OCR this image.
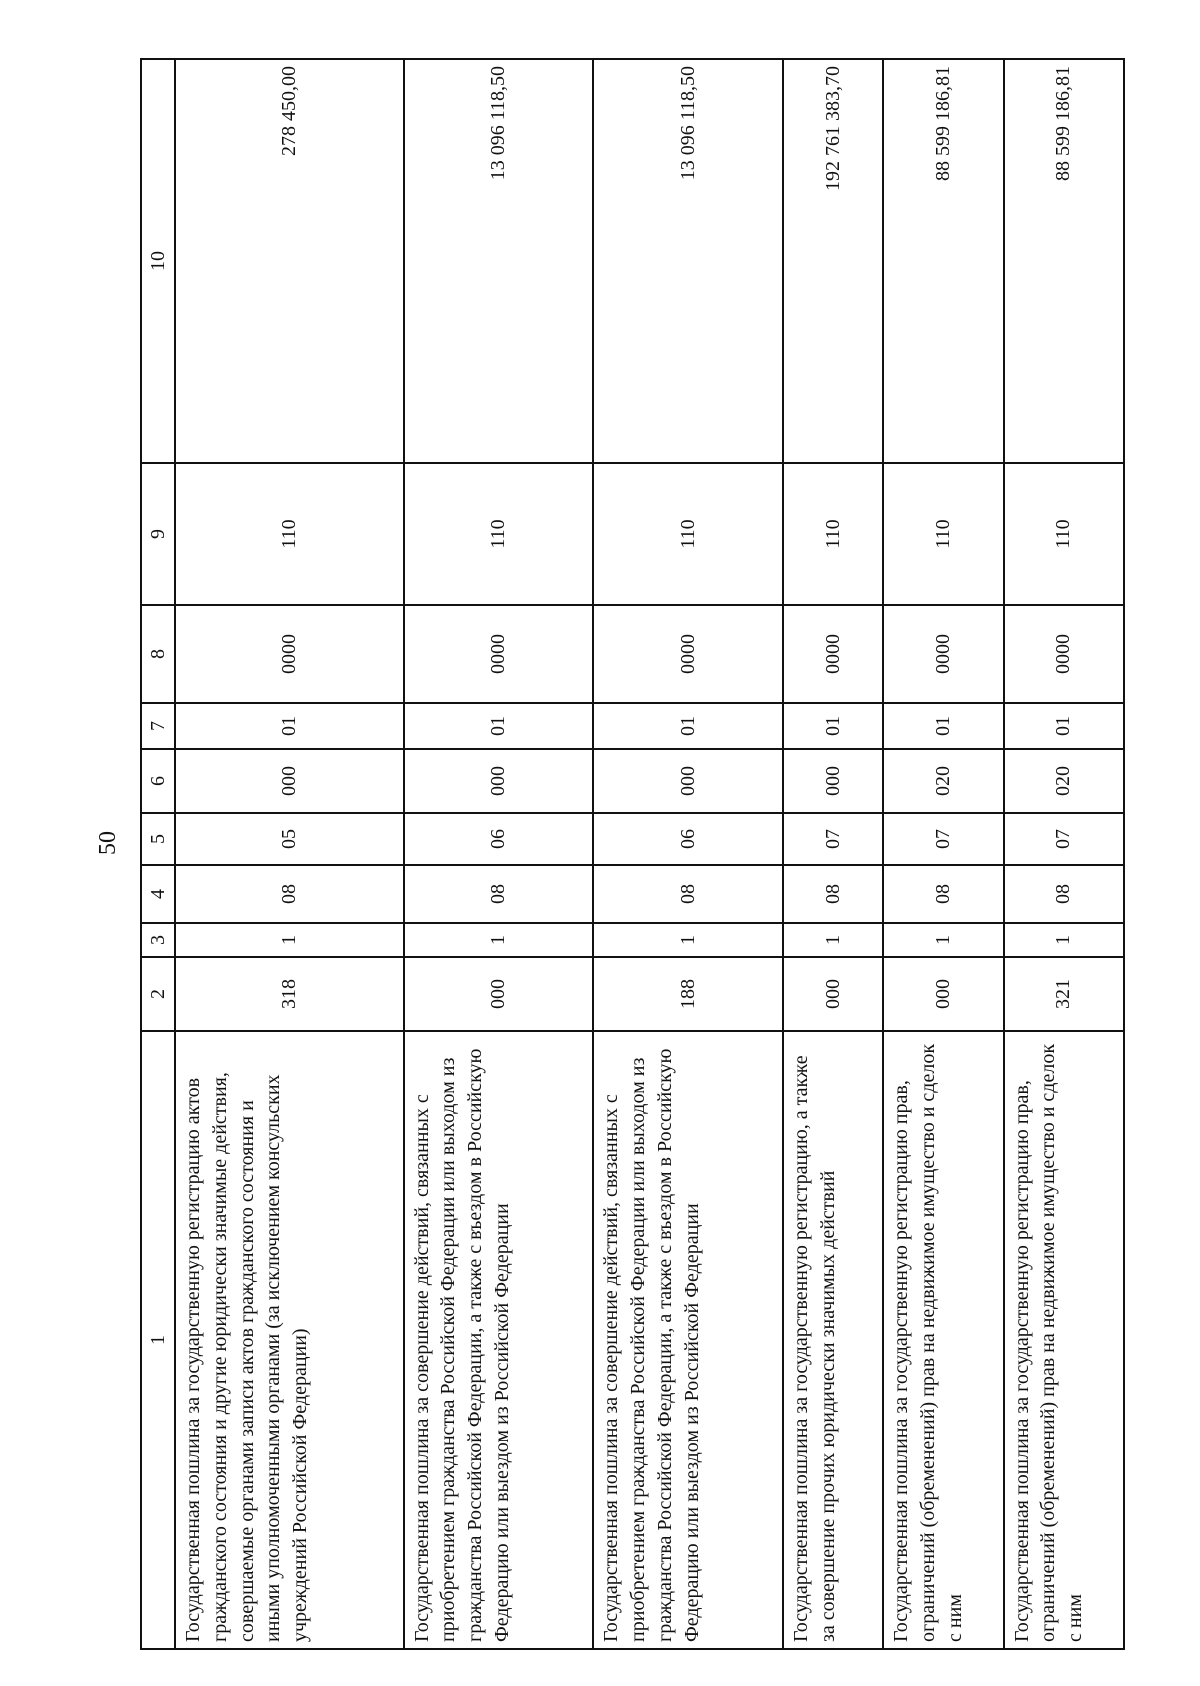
50
1	2	3	4	5	6	7	8	9	10
Государственная пошлина за государственную регистрацию актов гражданского состояния и другие юридически значимые действия, совершаемые органами записи актов гражданского состояния и иными уполномоченными органами (за исключением консульских учреждений Российской Федерации)	318	1	08	05	000	01	0000	110	278 450,00
Государственная пошлина за совершение действий, связанных с приобретением гражданства Российской Федерации или выходом из гражданства Российской Федерации, а также с въездом в Российскую Федерацию или выездом из Российской Федерации	000	1	08	06	000	01	0000	110	13 096 118,50
Государственная пошлина за совершение действий, связанных с приобретением гражданства Российской Федерации или выходом из гражданства Российской Федерации, а также с въездом в Российскую Федерацию или выездом из Российской Федерации	188	1	08	06	000	01	0000	110	13 096 118,50
Государственная пошлина за государственную регистрацию, а также за совершение прочих юридически значимых действий	000	1	08	07	000	01	0000	110	192 761 383,70
Государственная пошлина за государственную регистрацию прав, ограничений (обременений) прав на недвижимое имущество и сделок с ним	000	1	08	07	020	01	0000	110	88 599 186,81
Государственная пошлина за государственную регистрацию прав, ограничений (обременений) прав на недвижимое имущество и сделок с ним	321	1	08	07	020	01	0000	110	88 599 186,81
